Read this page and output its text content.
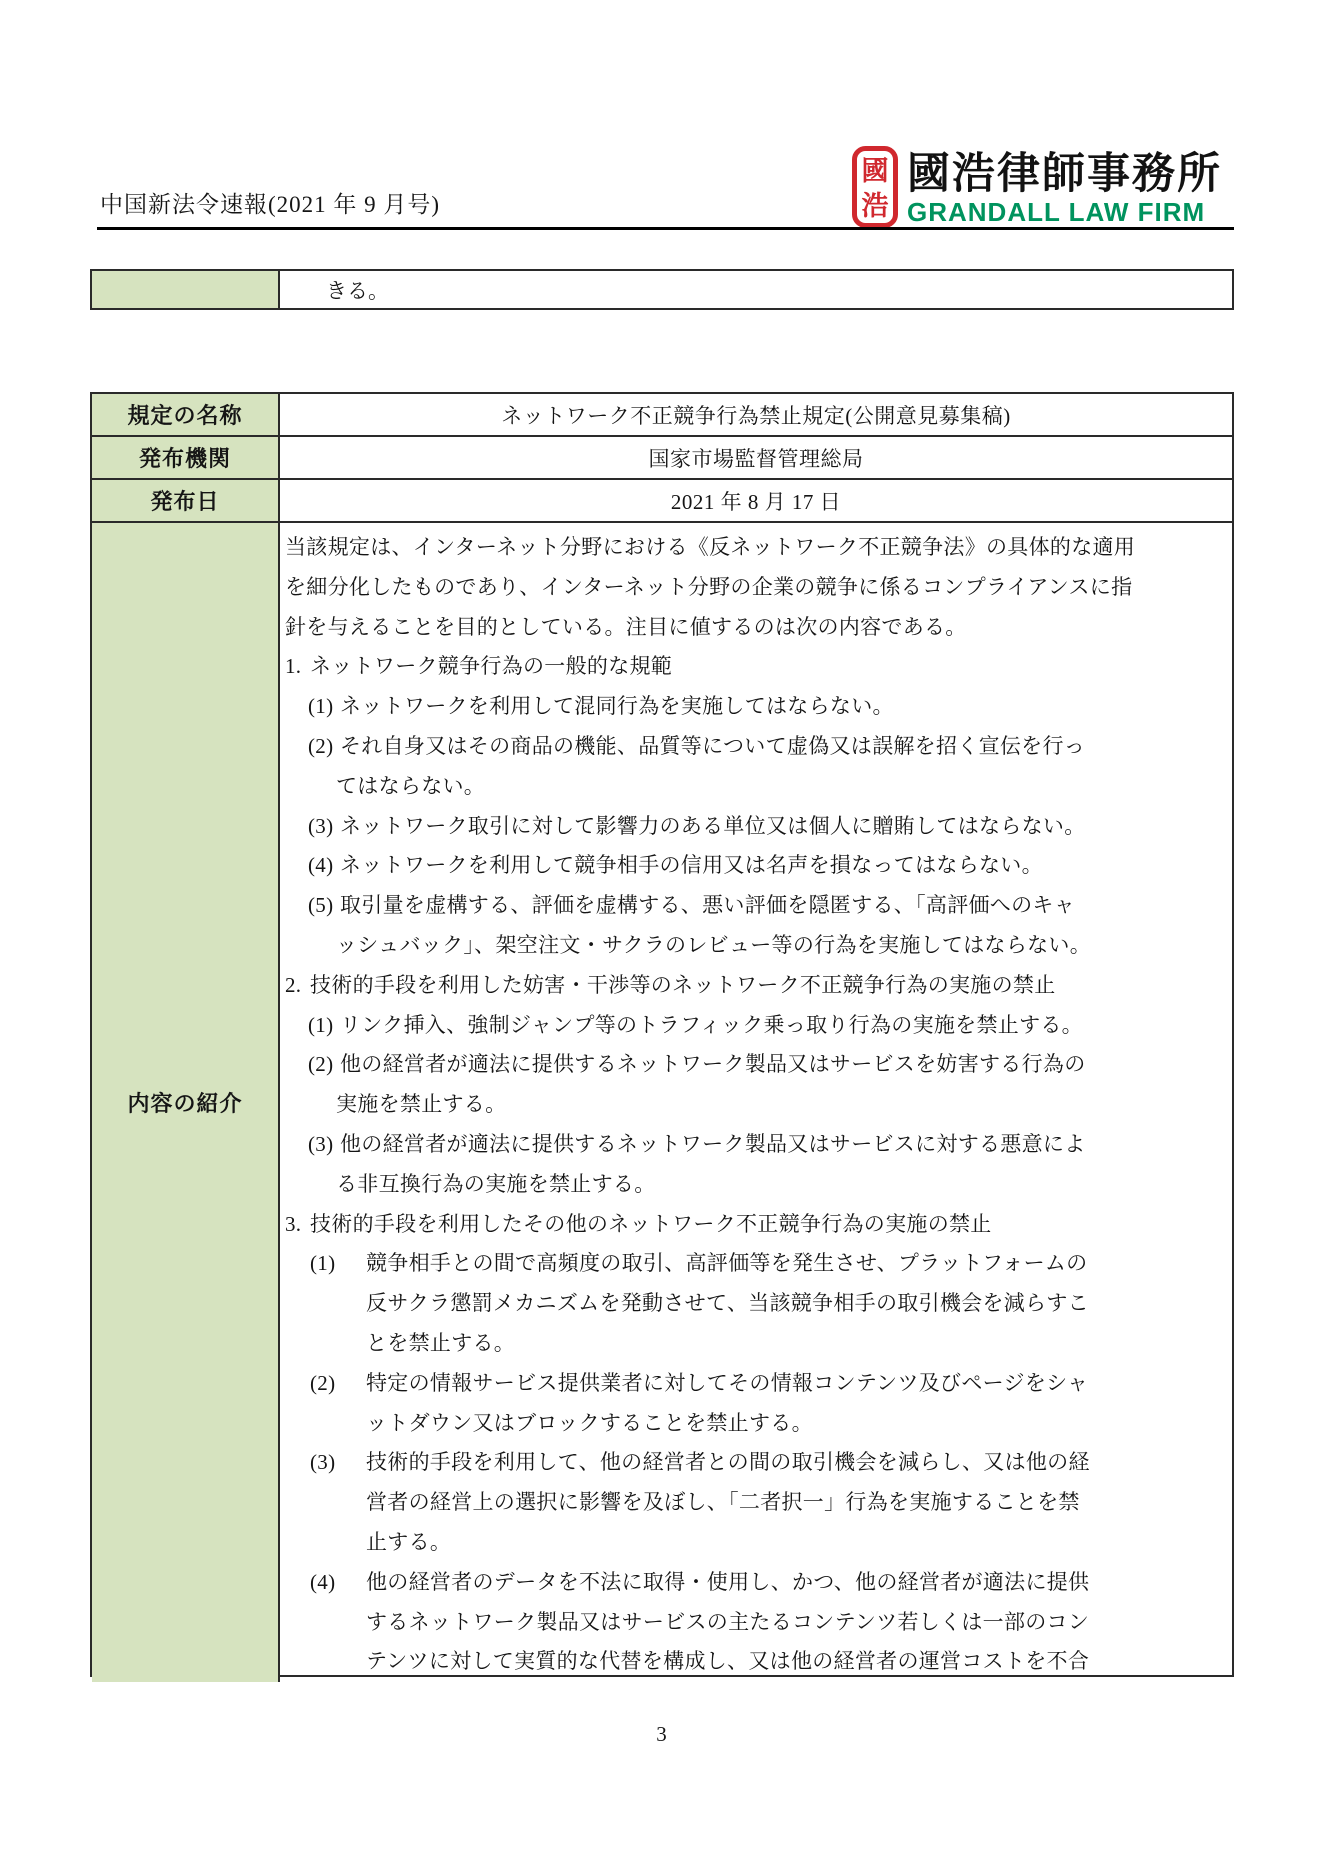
中国新法令速報(2021 年 9 月号)
國
浩
國浩律師事務所
GRANDALL LAW FIRM
きる。
規定の名称	ネットワーク不正競争行為禁止規定(公開意見募集稿)
発布機関	国家市場監督管理総局
発布日	2021 年 8 月 17 日
内容の紹介
当該規定は、インターネット分野における《反ネットワーク不正競争法》の具体的な適用
を細分化したものであり、インターネット分野の企業の競争に係るコンプライアンスに指
針を与えることを目的としている。注目に値するのは次の内容である。
1. ネットワーク競争行為の一般的な規範
(1) ネットワークを利用して混同行為を実施してはならない。
(2) それ自身又はその商品の機能、品質等について虚偽又は誤解を招く宣伝を行っ
てはならない。
(3) ネットワーク取引に対して影響力のある単位又は個人に贈賄してはならない。
(4) ネットワークを利用して競争相手の信用又は名声を損なってはならない。
(5) 取引量を虚構する、評価を虚構する、悪い評価を隠匿する、「高評価へのキャ
ッシュバック」、架空注文・サクラのレビュー等の行為を実施してはならない。
2. 技術的手段を利用した妨害・干渉等のネットワーク不正競争行為の実施の禁止
(1) リンク挿入、強制ジャンプ等のトラフィック乗っ取り行為の実施を禁止する。
(2) 他の経営者が適法に提供するネットワーク製品又はサービスを妨害する行為の
実施を禁止する。
(3) 他の経営者が適法に提供するネットワーク製品又はサービスに対する悪意によ
る非互換行為の実施を禁止する。
3. 技術的手段を利用したその他のネットワーク不正競争行為の実施の禁止
(1) 競争相手との間で高頻度の取引、高評価等を発生させ、プラットフォームの
反サクラ懲罰メカニズムを発動させて、当該競争相手の取引機会を減らすこ
とを禁止する。
(2) 特定の情報サービス提供業者に対してその情報コンテンツ及びページをシャ
ットダウン又はブロックすることを禁止する。
(3) 技術的手段を利用して、他の経営者との間の取引機会を減らし、又は他の経
営者の経営上の選択に影響を及ぼし、「二者択一」行為を実施することを禁
止する。
(4) 他の経営者のデータを不法に取得・使用し、かつ、他の経営者が適法に提供
するネットワーク製品又はサービスの主たるコンテンツ若しくは一部のコン
テンツに対して実質的な代替を構成し、又は他の経営者の運営コストを不合
3
